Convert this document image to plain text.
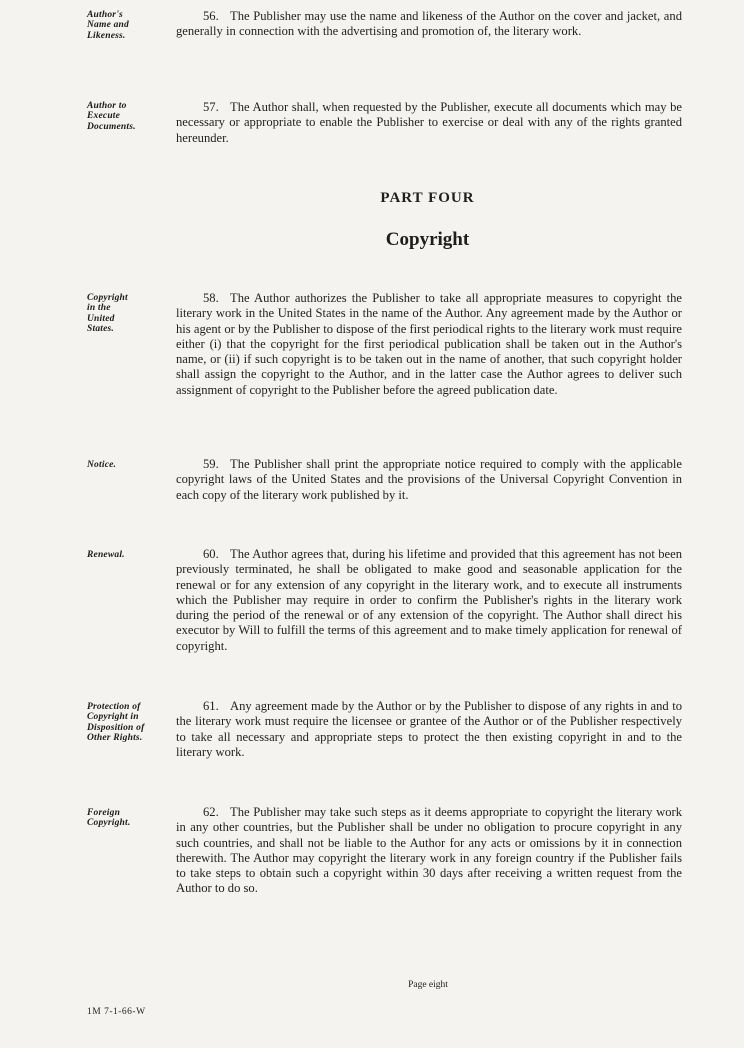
Author's
Name and
Likeness.
56. The Publisher may use the name and likeness of the Author on the cover and jacket, and generally in connection with the advertising and promotion of, the literary work.
Author to
Execute
Documents.
57. The Author shall, when requested by the Publisher, execute all documents which may be necessary or appropriate to enable the Publisher to exercise or deal with any of the rights granted hereunder.
PART FOUR
Copyright
Copyright
in the
United
States.
58. The Author authorizes the Publisher to take all appropriate measures to copyright the literary work in the United States in the name of the Author. Any agreement made by the Author or his agent or by the Publisher to dispose of the first periodical rights to the literary work must require either (i) that the copyright for the first periodical publication shall be taken out in the Author's name, or (ii) if such copyright is to be taken out in the name of another, that such copyright holder shall assign the copyright to the Author, and in the latter case the Author agrees to deliver such assignment of copyright to the Publisher before the agreed publication date.
Notice.	59. The Publisher shall print the appropriate notice required to comply with the applicable copyright laws of the United States and the provisions of the Universal Copyright Convention in each copy of the literary work published by it.
Renewal.	60. The Author agrees that, during his lifetime and provided that this agreement has not been previously terminated, he shall be obligated to make good and seasonable application for the renewal or for any extension of any copyright in the literary work, and to execute all instruments which the Publisher may require in order to confirm the Publisher's rights in the literary work during the period of the renewal or of any extension of the copyright. The Author shall direct his executor by Will to fulfill the terms of this agreement and to make timely application for renewal of copyright.
Protection of
Copyright in
Disposition of
Other Rights.
61. Any agreement made by the Author or by the Publisher to dispose of any rights in and to the literary work must require the licensee or grantee of the Author or of the Publisher respectively to take all necessary and appropriate steps to protect the then existing copyright in and to the literary work.
Foreign
Copyright.
62. The Publisher may take such steps as it deems appropriate to copyright the literary work in any other countries, but the Publisher shall be under no obligation to procure copyright in any such countries, and shall not be liable to the Author for any acts or omissions by it in connection therewith. The Author may copyright the literary work in any foreign country if the Publisher fails to take steps to obtain such a copyright within 30 days after receiving a written request from the Author to do so.
Page eight
1M 7-1-66-W
